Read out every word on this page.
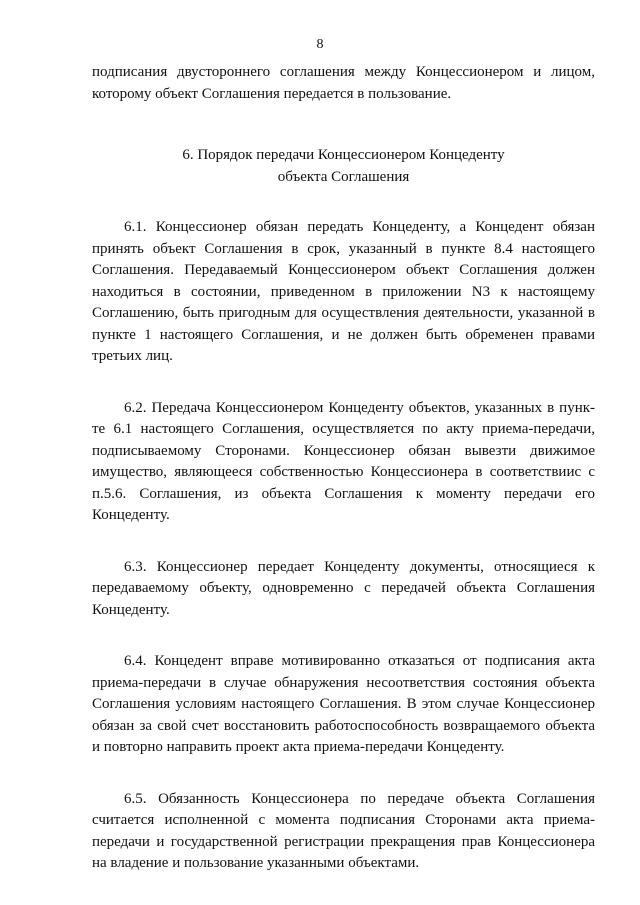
8

подписания двустороннего соглашения между Концессионером и лицом, которому объект Соглашения передается в пользование.

6. Порядок передачи Концессионером Концеденту
объекта Соглашения

6.1. Концессионер обязан передать Концеденту, а Концедент обязан принять объект Соглашения в срок, указанный в пункте 8.4 настоящего Соглашения. Передаваемый Концессионером объект Соглашения должен находиться в состоянии, приведенном в приложении N3 к настоящему Соглашению, быть пригодным для осуществления деятельности, указанной в пункте 1 настоящего Соглашения, и не должен быть обременен правами третьих лиц.

6.2. Передача Концессионером Концеденту объектов, указанных в пунк-те 6.1 настоящего Соглашения, осуществляется по акту приема-передачи, подписываемому Сторонами. Концессионер обязан вывезти движимое имущество, являющееся собственностью Концессионера в соответствиис с п.5.6. Соглашения, из объекта Соглашения к моменту передачи его Концеденту.

6.3. Концессионер передает Концеденту документы, относящиеся к передаваемому объекту, одновременно с передачей объекта Соглашения Концеденту.

6.4. Концедент вправе мотивированно отказаться от подписания акта приема-передачи в случае обнаружения несоответствия состояния объекта Соглашения условиям настоящего Соглашения. В этом случае Концессионер обязан за свой счет восстановить работоспособность возвращаемого объекта и повторно направить проект акта приема-передачи Концеденту.

6.5. Обязанность Концессионера по передаче объекта Соглашения считается исполненной с момента подписания Сторонами акта приема-передачи и государственной регистрации прекращения прав Концессионера на владение и пользование указанными объектами.
